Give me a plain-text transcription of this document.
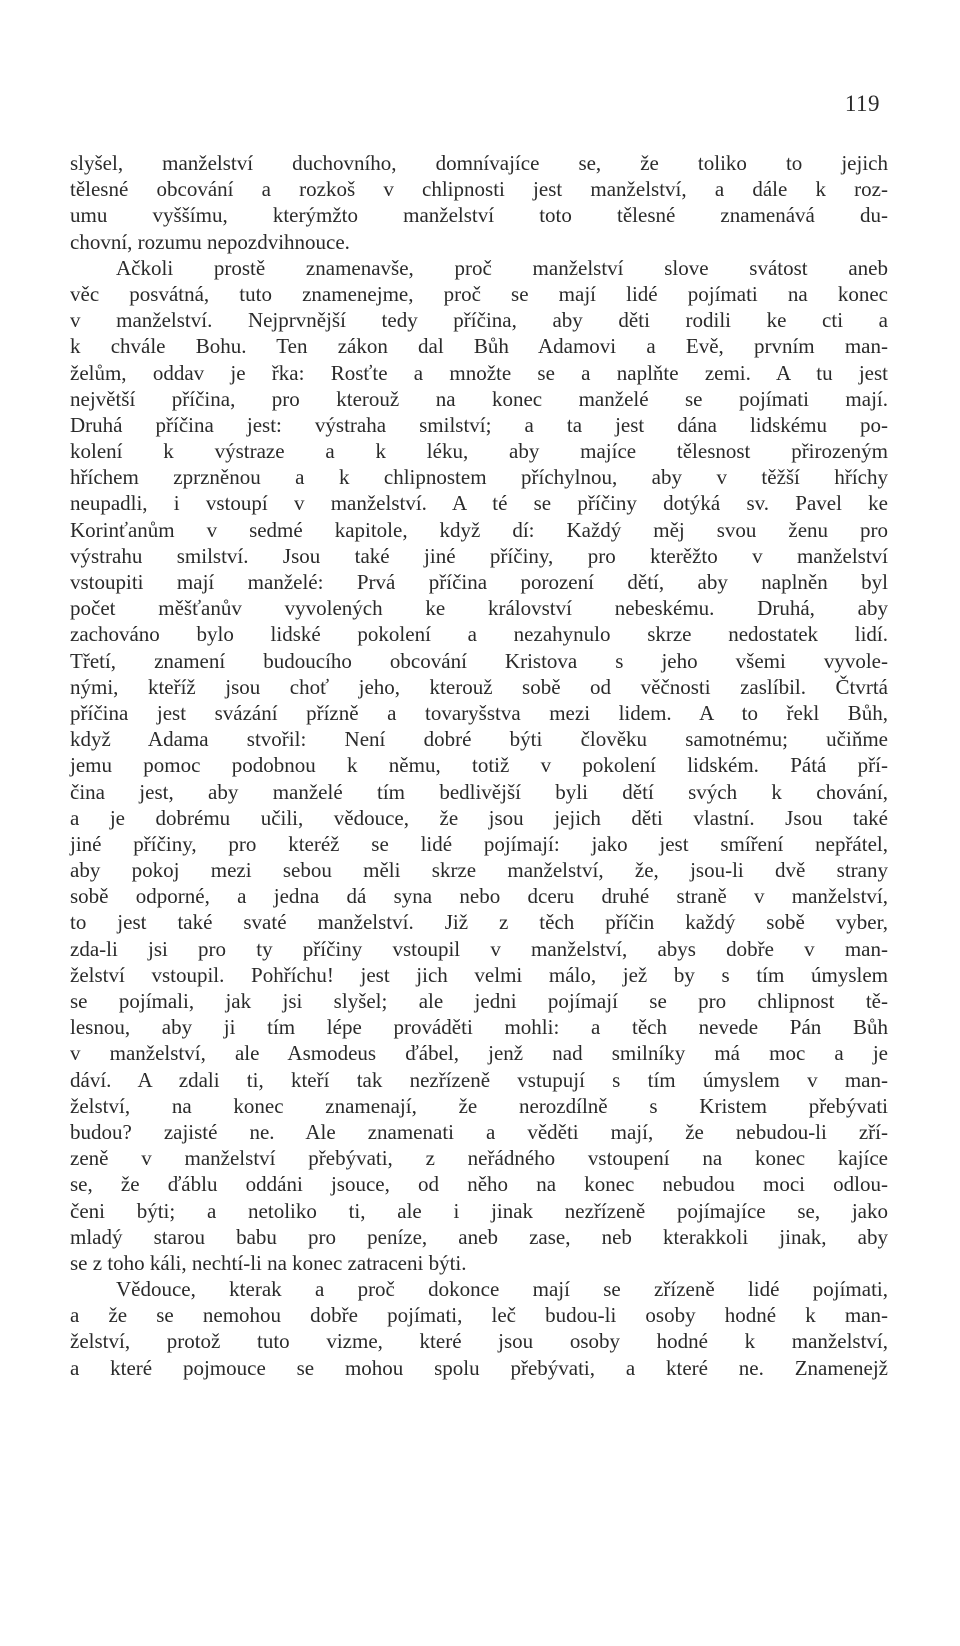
119
slyšel, manželství duchovního, domnívajíce se, že toliko to jejich
tělesné obcování a rozkoš v chlipnosti jest manželství, a dále k roz-
umu vyššímu, kterýmžto manželství toto tělesné znamenává du-
chovní, rozumu nepozdvihnouce.
Ačkoli prostě znamenavše, proč manželství slove svátost aneb
věc posvátná, tuto znamenejme, proč se mají lidé pojímati na konec
v manželství. Nejprvnější tedy příčina, aby děti rodili ke cti a
k chvále Bohu. Ten zákon dal Bůh Adamovi a Evě, prvním man-
želům, oddav je řka: Rosťte a množte se a naplňte zemi. A tu jest
největší příčina, pro kterouž na konec manželé se pojímati mají.
Druhá příčina jest: výstraha smilství; a ta jest dána lidskému po-
kolení k výstraze a k léku, aby majíce tělesnost přirozeným
hříchem zprzněnou a k chlipnostem příchylnou, aby v těžší hříchy
neupadli, i vstoupí v manželství. A té se příčiny dotýká sv. Pavel ke
Korinťanům v sedmé kapitole, když dí: Každý měj svou ženu pro
výstrahu smilství. Jsou také jiné příčiny, pro kterěžto v manželství
vstoupiti mají manželé: Prvá příčina porození dětí, aby naplněn byl
počet měšťanův vyvolených ke království nebeskému. Druhá, aby
zachováno bylo lidské pokolení a nezahynulo skrze nedostatek lidí.
Třetí, znamení budoucího obcování Kristova s jeho všemi vyvole-
nými, kteříž jsou choť jeho, kterouž sobě od věčnosti zaslíbil. Čtvrtá
příčina jest svázání přízně a tovaryšstva mezi lidem. A to řekl Bůh,
když Adama stvořil: Není dobré býti člověku samotnému; učiňme
jemu pomoc podobnou k němu, totiž v pokolení lidském. Pátá pří-
čina jest, aby manželé tím bedlivější byli dětí svých k chování,
a je dobrému učili, vědouce, že jsou jejich děti vlastní. Jsou také
jiné příčiny, pro kteréž se lidé pojímají: jako jest smíření nepřátel,
aby pokoj mezi sebou měli skrze manželství, že, jsou-li dvě strany
sobě odporné, a jedna dá syna nebo dceru druhé straně v manželství,
to jest také svaté manželství. Již z těch příčin každý sobě vyber,
zda-li jsi pro ty příčiny vstoupil v manželství, abys dobře v man-
želství vstoupil. Pohříchu! jest jich velmi málo, jež by s tím úmyslem
se pojímali, jak jsi slyšel; ale jedni pojímají se pro chlipnost tě-
lesnou, aby ji tím lépe prováděti mohli: a těch nevede Pán Bůh
v manželství, ale Asmodeus ďábel, jenž nad smilníky má moc a je
dáví. A zdali ti, kteří tak nezřízeně vstupují s tím úmyslem v man-
želství, na konec znamenají, že nerozdílně s Kristem přebývati
budou? zajisté ne. Ale znamenati a věděti mají, že nebudou-li zří-
zeně v manželství přebývati, z neřádného vstoupení na konec kajíce
se, že ďáblu oddáni jsouce, od něho na konec nebudou moci odlou-
čeni býti; a netoliko ti, ale i jinak nezřízeně pojímajíce se, jako
mladý starou babu pro peníze, aneb zase, neb kterakkoli jinak, aby
se z toho káli, nechtí-li na konec zatraceni býti.
Vědouce, kterak a proč dokonce mají se zřízeně lidé pojímati,
a že se nemohou dobře pojímati, leč budou-li osoby hodné k man-
želství, protož tuto vizme, které jsou osoby hodné k manželství,
a které pojmouce se mohou spolu přebývati, a které ne. Znamenejž
